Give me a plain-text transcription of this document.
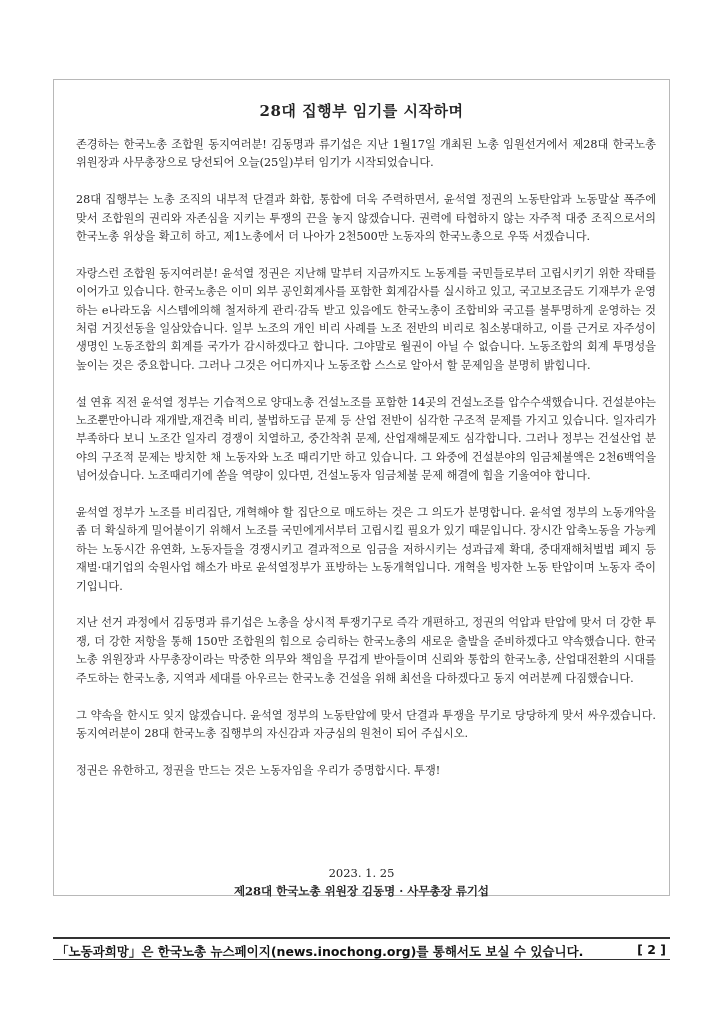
28대 집행부 임기를 시작하며

존경하는 한국노총 조합원 동지여러분! 김동명과 류기섭은 지난 1월17일 개최된 노총 임원선거에서 제28대 한국노총 위원장과 사무총장으로 당선되어 오늘(25일)부터 임기가 시작되었습니다.

28대 집행부는 노총 조직의 내부적 단결과 화합, 통합에 더욱 주력하면서, 윤석열 정권의 노동탄압과 노동말살 폭주에 맞서 조합원의 권리와 자존심을 지키는 투쟁의 끈을 놓지 않겠습니다. 권력에 타협하지 않는 자주적 대중 조직으로서의 한국노총 위상을 확고히 하고, 제1노총에서 더 나아가 2천500만 노동자의 한국노총으로 우뚝 서겠습니다.

자랑스런 조합원 동지여러분! 윤석열 정권은 지난해 말부터 지금까지도 노동계를 국민들로부터 고립시키기 위한 작태를 이어가고 있습니다. 한국노총은 이미 외부 공인회계사를 포함한 회계감사를 실시하고 있고, 국고보조금도 기재부가 운영하는 e나라도움 시스템에의해 철저하게 관리·감독 받고 있음에도 한국노총이 조합비와 국고를 불투명하게 운영하는 것처럼 거짓선동을 일삼았습니다. 일부 노조의 개인 비리 사례를 노조 전반의 비리로 침소봉대하고, 이를 근거로 자주성이 생명인 노동조합의 회계를 국가가 감시하겠다고 합니다. 그야말로 월권이 아닐 수 없습니다. 노동조합의 회계 투명성을 높이는 것은 중요합니다. 그러나 그것은 어디까지나 노동조합 스스로 알아서 할 문제임을 분명히 밝힙니다.

설 연휴 직전 윤석열 정부는 기습적으로 양대노총 건설노조를 포함한 14곳의 건설노조를 압수수색했습니다. 건설분야는 노조뿐만아니라 재개발,재건축 비리, 불법하도급 문제 등 산업 전반이 심각한 구조적 문제를 가지고 있습니다. 일자리가 부족하다 보니 노조간 일자리 경쟁이 치열하고, 중간착취 문제, 산업재해문제도 심각합니다. 그러나 정부는 건설산업 분야의 구조적 문제는 방치한 채 노동자와 노조 때리기만 하고 있습니다. 그 와중에 건설분야의 임금체불액은 2천6백억을 넘어섰습니다. 노조때리기에 쏟을 역량이 있다면, 건설노동자 임금체불 문제 해결에 힘을 기울여야 합니다.

윤석열 정부가 노조를 비리집단, 개혁해야 할 집단으로 매도하는 것은 그 의도가 분명합니다. 윤석열 정부의 노동개악을 좀 더 확실하게 밀어붙이기 위해서 노조를 국민에게서부터 고립시킬 필요가 있기 때문입니다. 장시간 압축노동을 가능케 하는 노동시간 유연화, 노동자들을 경쟁시키고 결과적으로 임금을 저하시키는 성과급제 확대, 중대재해처벌법 폐지 등 재벌·대기업의 숙원사업 해소가 바로 윤석열정부가 표방하는 노동개혁입니다. 개혁을 빙자한 노동 탄압이며 노동자 죽이기입니다.

지난 선거 과정에서 김동명과 류기섭은 노총을 상시적 투쟁기구로 즉각 개편하고, 정권의 억압과 탄압에 맞서 더 강한 투쟁, 더 강한 저항을 통해 150만 조합원의 힘으로 승리하는 한국노총의 새로운 출발을 준비하겠다고 약속했습니다. 한국노총 위원장과 사무총장이라는 막중한 의무와 책임을 무겁게 받아들이며 신뢰와 통합의 한국노총, 산업대전환의 시대를 주도하는 한국노총, 지역과 세대를 아우르는 한국노총 건설을 위해 최선을 다하겠다고 동지 여러분께 다짐했습니다.

그 약속을 한시도 잊지 않겠습니다. 윤석열 정부의 노동탄압에 맞서 단결과 투쟁을 무기로 당당하게 맞서 싸우겠습니다. 동지여러분이 28대 한국노총 집행부의 자신감과 자긍심의 원천이 되어 주십시오.

정권은 유한하고, 정권을 만드는 것은 노동자임을 우리가 증명합시다. 투쟁!

2023. 1. 25
제28대 한국노총 위원장 김동명 · 사무총장 류기섭
「노동과희망」은 한국노총 뉴스페이지(news.inochong.org)를 통해서도 보실 수 있습니다.	[ 2 ]
